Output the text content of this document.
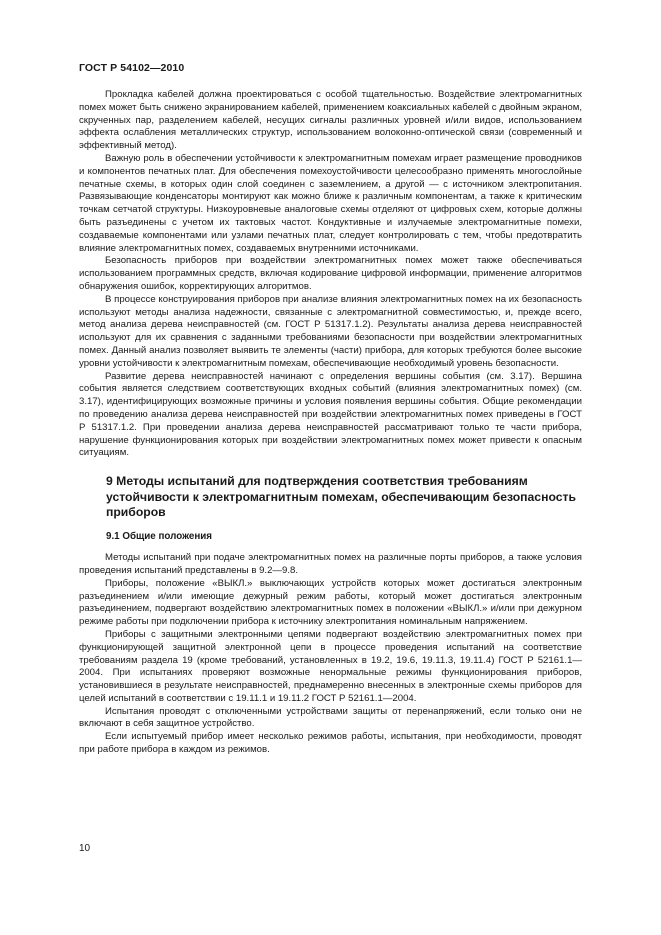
ГОСТ Р 54102—2010

Прокладка кабелей должна проектироваться с особой тщательностью. Воздействие электромагнитных помех может быть снижено экранированием кабелей, применением коаксиальных кабелей с двойным экраном, скрученных пар, разделением кабелей, несущих сигналы различных уровней и/или видов, использованием эффекта ослабления металлических структур, использованием волоконно-оптической связи (современный и эффективный метод).

Важную роль в обеспечении устойчивости к электромагнитным помехам играет размещение проводников и компонентов печатных плат. Для обеспечения помехоустойчивости целесообразно применять многослойные печатные схемы, в которых один слой соединен с заземлением, а другой — с источником электропитания. Развязывающие конденсаторы монтируют как можно ближе к различным компонентам, а также к критическим точкам сетчатой структуры. Низкоуровневые аналоговые схемы отделяют от цифровых схем, которые должны быть разъединены с учетом их тактовых частот. Кондуктивные и излучаемые электромагнитные помехи, создаваемые компонентами или узлами печатных плат, следует контролировать с тем, чтобы предотвратить влияние электромагнитных помех, создаваемых внутренними источниками.

Безопасность приборов при воздействии электромагнитных помех может также обеспечиваться использованием программных средств, включая кодирование цифровой информации, применение алгоритмов обнаружения ошибок, корректирующих алгоритмов.

В процессе конструирования приборов при анализе влияния электромагнитных помех на их безопасность используют методы анализа надежности, связанные с электромагнитной совместимостью, и, прежде всего, метод анализа дерева неисправностей (см. ГОСТ Р 51317.1.2). Результаты анализа дерева неисправностей используют для их сравнения с заданными требованиями безопасности при воздействии электромагнитных помех. Данный анализ позволяет выявить те элементы (части) прибора, для которых требуются более высокие уровни устойчивости к электромагнитным помехам, обеспечивающие необходимый уровень безопасности.

Развитие дерева неисправностей начинают с определения вершины события (см. 3.17). Вершина события является следствием соответствующих входных событий (влияния электромагнитных помех) (см. 3.17), идентифицирующих возможные причины и условия появления вершины события. Общие рекомендации по проведению анализа дерева неисправностей при воздействии электромагнитных помех приведены в ГОСТ Р 51317.1.2. При проведении анализа дерева неисправностей рассматривают только те части прибора, нарушение функционирования которых при воздействии электромагнитных помех может привести к опасным ситуациям.

9 Методы испытаний для подтверждения соответствия требованиям устойчивости к электромагнитным помехам, обеспечивающим безопасность приборов
9.1 Общие положения

Методы испытаний при подаче электромагнитных помех на различные порты приборов, а также условия проведения испытаний представлены в 9.2—9.8.

Приборы, положение «ВЫКЛ.» выключающих устройств которых может достигаться электронным разъединением и/или имеющие дежурный режим работы, который может достигаться электронным разъединением, подвергают воздействию электромагнитных помех в положении «ВЫКЛ.» и/или при дежурном режиме работы при подключении прибора к источнику электропитания номинальным напряжением.

Приборы с защитными электронными цепями подвергают воздействию электромагнитных помех при функционирующей защитной электронной цепи в процессе проведения испытаний на соответствие требованиям раздела 19 (кроме требований, установленных в 19.2, 19.6, 19.11.3, 19.11.4) ГОСТ Р 52161.1—2004. При испытаниях проверяют возможные ненормальные режимы функционирования приборов, установившиеся в результате неисправностей, преднамеренно внесенных в электронные схемы приборов для целей испытаний в соответствии с 19.11.1 и 19.11.2 ГОСТ Р 52161.1—2004.

Испытания проводят с отключенными устройствами защиты от перенапряжений, если только они не включают в себя защитное устройство.

Если испытуемый прибор имеет несколько режимов работы, испытания, при необходимости, проводят при работе прибора в каждом из режимов.

10
